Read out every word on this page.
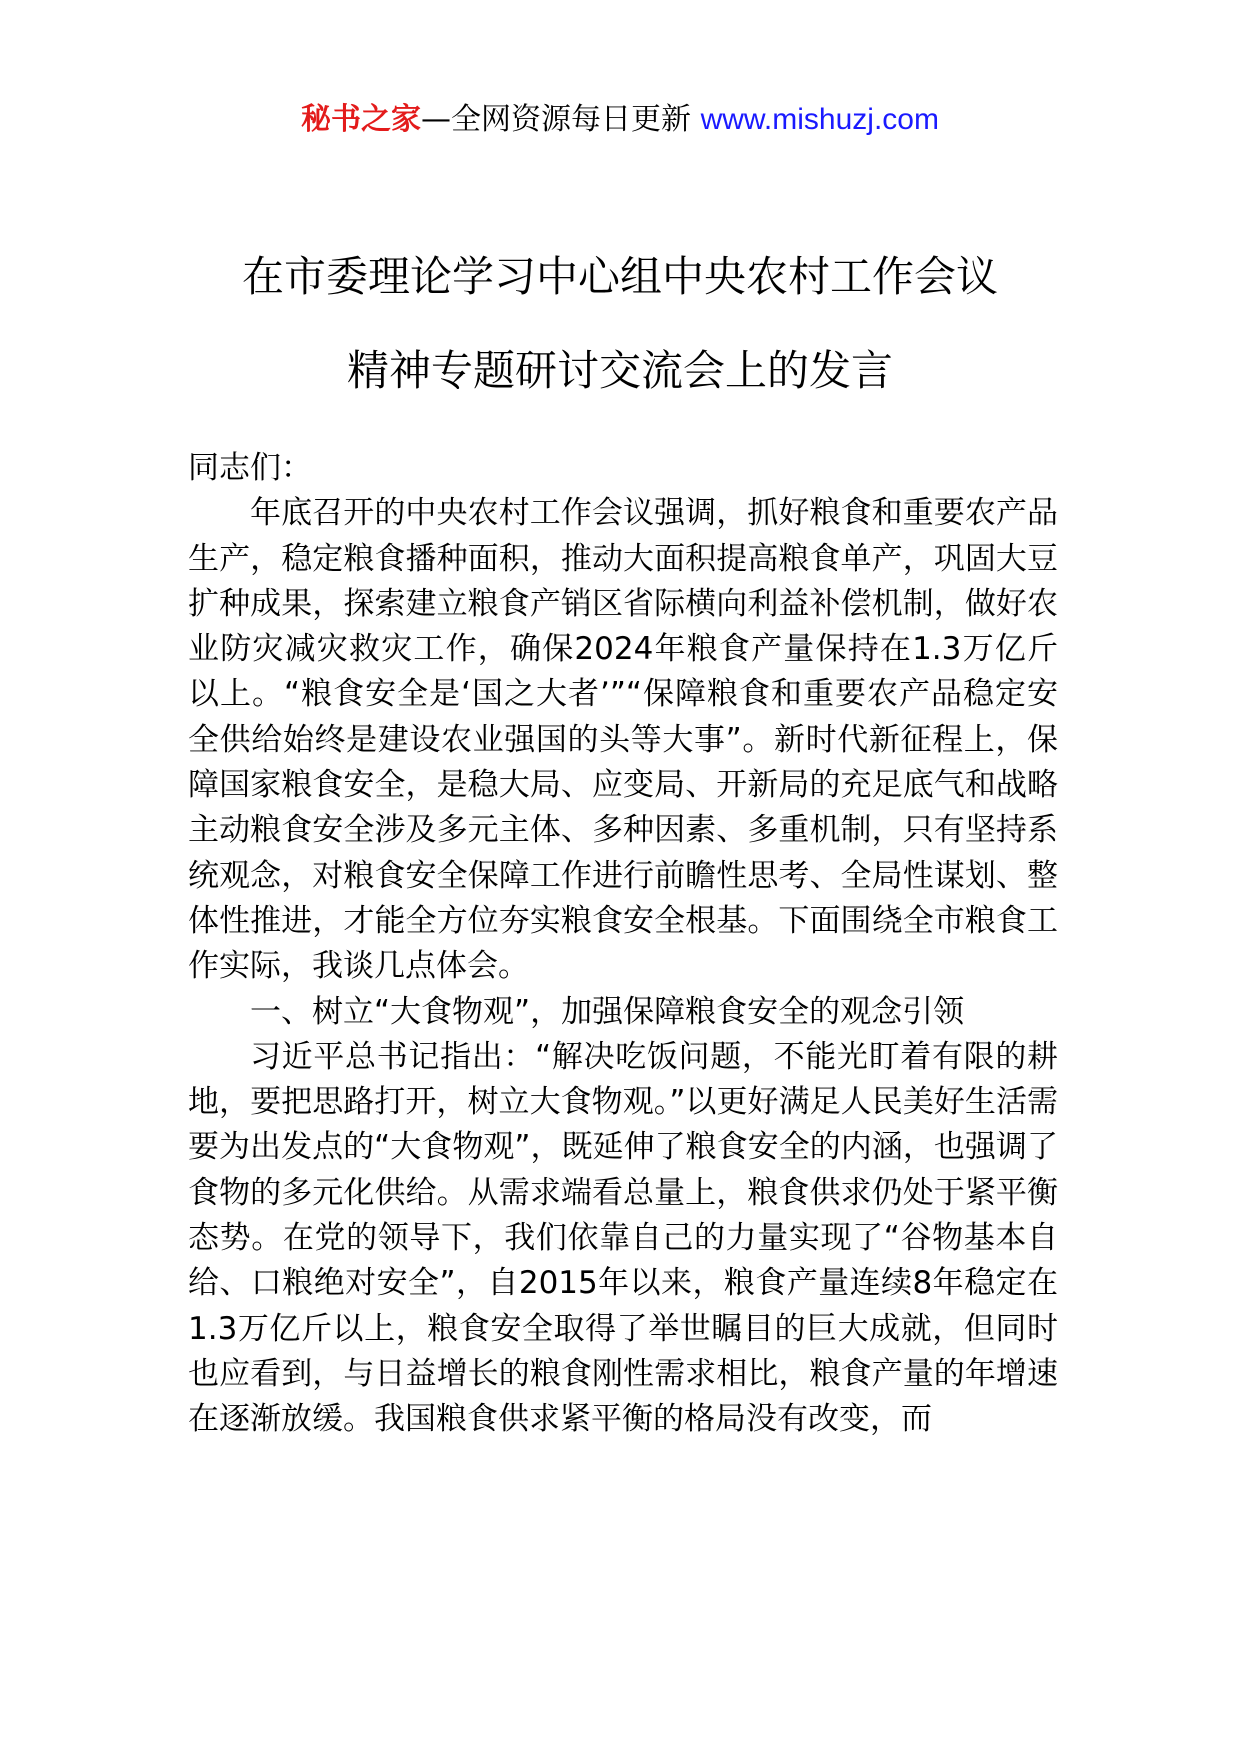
秘书之家—全网资源每日更新 www.mishuzj.com
在市委理论学习中心组中央农村工作会议
精神专题研讨交流会上的发言

同志们：

年底召开的中央农村工作会议强调，抓好粮食和重要农产品生产，稳定粮食播种面积，推动大面积提高粮食单产，巩固大豆扩种成果，探索建立粮食产销区省际横向利益补偿机制，做好农业防灾减灾救灾工作，确保2024年粮食产量保持在1.3万亿斤以上。“粮食安全是‘国之大者’”“保障粮食和重要农产品稳定安全供给始终是建设农业强国的头等大事”。新时代新征程上，保障国家粮食安全，是稳大局、应变局、开新局的充足底气和战略主动粮食安全涉及多元主体、多种因素、多重机制，只有坚持系统观念，对粮食安全保障工作进行前瞻性思考、全局性谋划、整体性推进，才能全方位夯实粮食安全根基。下面围绕全市粮食工作实际，我谈几点体会。

一、树立“大食物观”，加强保障粮食安全的观念引领

习近平总书记指出：“解决吃饭问题，不能光盯着有限的耕地，要把思路打开，树立大食物观。”以更好满足人民美好生活需要为出发点的“大食物观”，既延伸了粮食安全的内涵，也强调了食物的多元化供给。从需求端看总量上，粮食供求仍处于紧平衡态势。在党的领导下，我们依靠自己的力量实现了“谷物基本自给、口粮绝对安全”，自2015年以来，粮食产量连续8年稳定在1.3万亿斤以上，粮食安全取得了举世瞩目的巨大成就，但同时也应看到，与日益增长的粮食刚性需求相比，粮食产量的年增速在逐渐放缓。我国粮食供求紧平衡的格局没有改变，而
